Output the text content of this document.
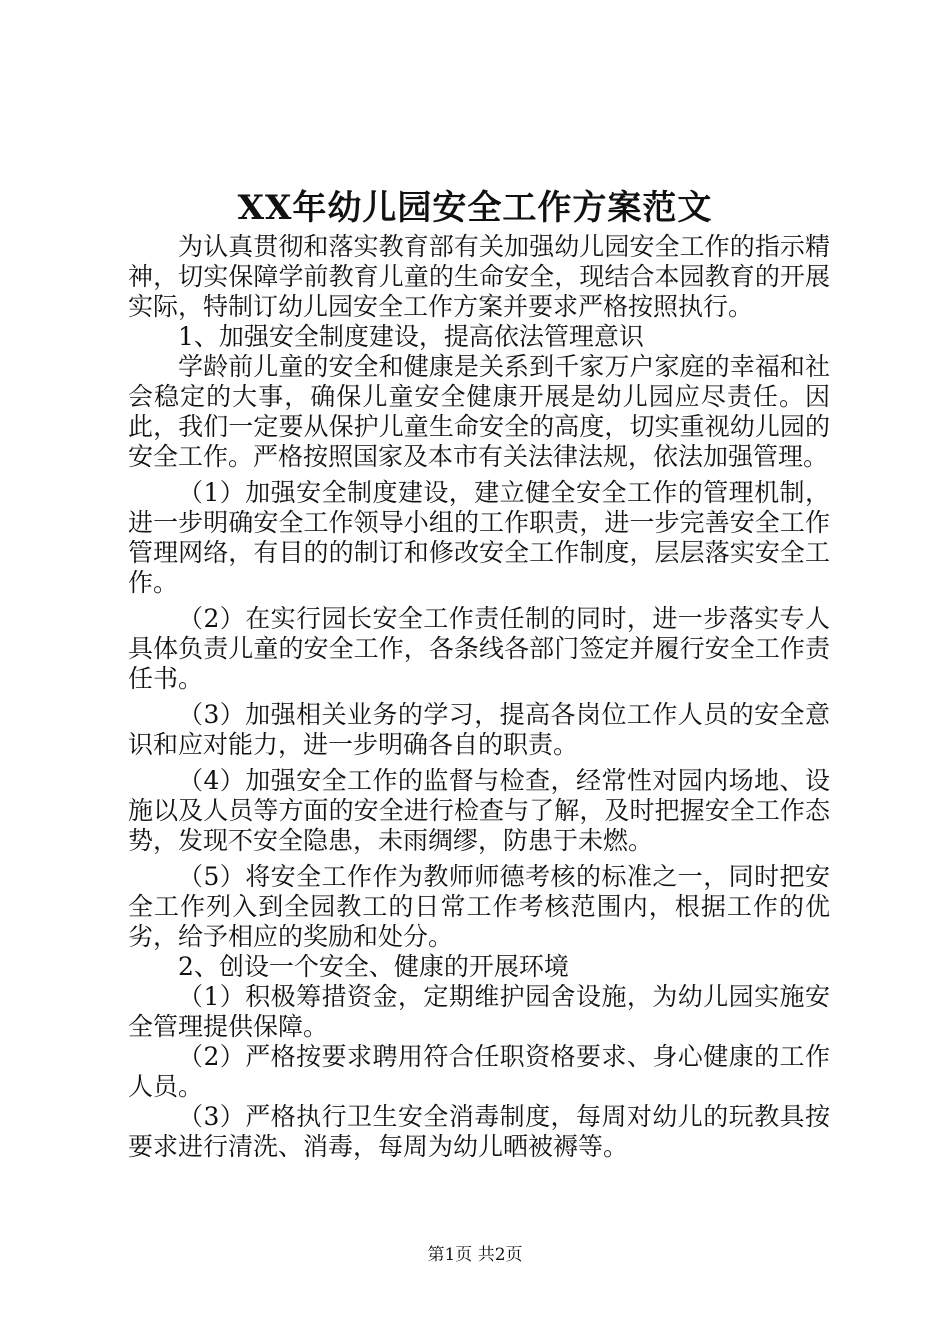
XX年幼儿园安全工作方案范文

为认真贯彻和落实教育部有关加强幼儿园安全工作的指示精神，切实保障学前教育儿童的生命安全，现结合本园教育的开展实际，特制订幼儿园安全工作方案并要求严格按照执行。

1、加强安全制度建设，提高依法管理意识

学龄前儿童的安全和健康是关系到千家万户家庭的幸福和社会稳定的大事，确保儿童安全健康开展是幼儿园应尽责任。因此，我们一定要从保护儿童生命安全的高度，切实重视幼儿园的安全工作。严格按照国家及本市有关法律法规，依法加强管理。

（1）加强安全制度建设，建立健全安全工作的管理机制，进一步明确安全工作领导小组的工作职责，进一步完善安全工作管理网络，有目的的制订和修改安全工作制度，层层落实安全工作。

（2）在实行园长安全工作责任制的同时，进一步落实专人具体负责儿童的安全工作，各条线各部门签定并履行安全工作责任书。

（3）加强相关业务的学习，提高各岗位工作人员的安全意识和应对能力，进一步明确各自的职责。

（4）加强安全工作的监督与检查，经常性对园内场地、设施以及人员等方面的安全进行检查与了解，及时把握安全工作态势，发现不安全隐患，未雨绸缪，防患于未燃。

（5）将安全工作作为教师师德考核的标准之一，同时把安全工作列入到全园教工的日常工作考核范围内，根据工作的优劣，给予相应的奖励和处分。

2、创设一个安全、健康的开展环境

（1）积极筹措资金，定期维护园舍设施，为幼儿园实施安全管理提供保障。

（2）严格按要求聘用符合任职资格要求、身心健康的工作人员。

（3）严格执行卫生安全消毒制度，每周对幼儿的玩教具按要求进行清洗、消毒，每周为幼儿晒被褥等。

第1页 共2页
